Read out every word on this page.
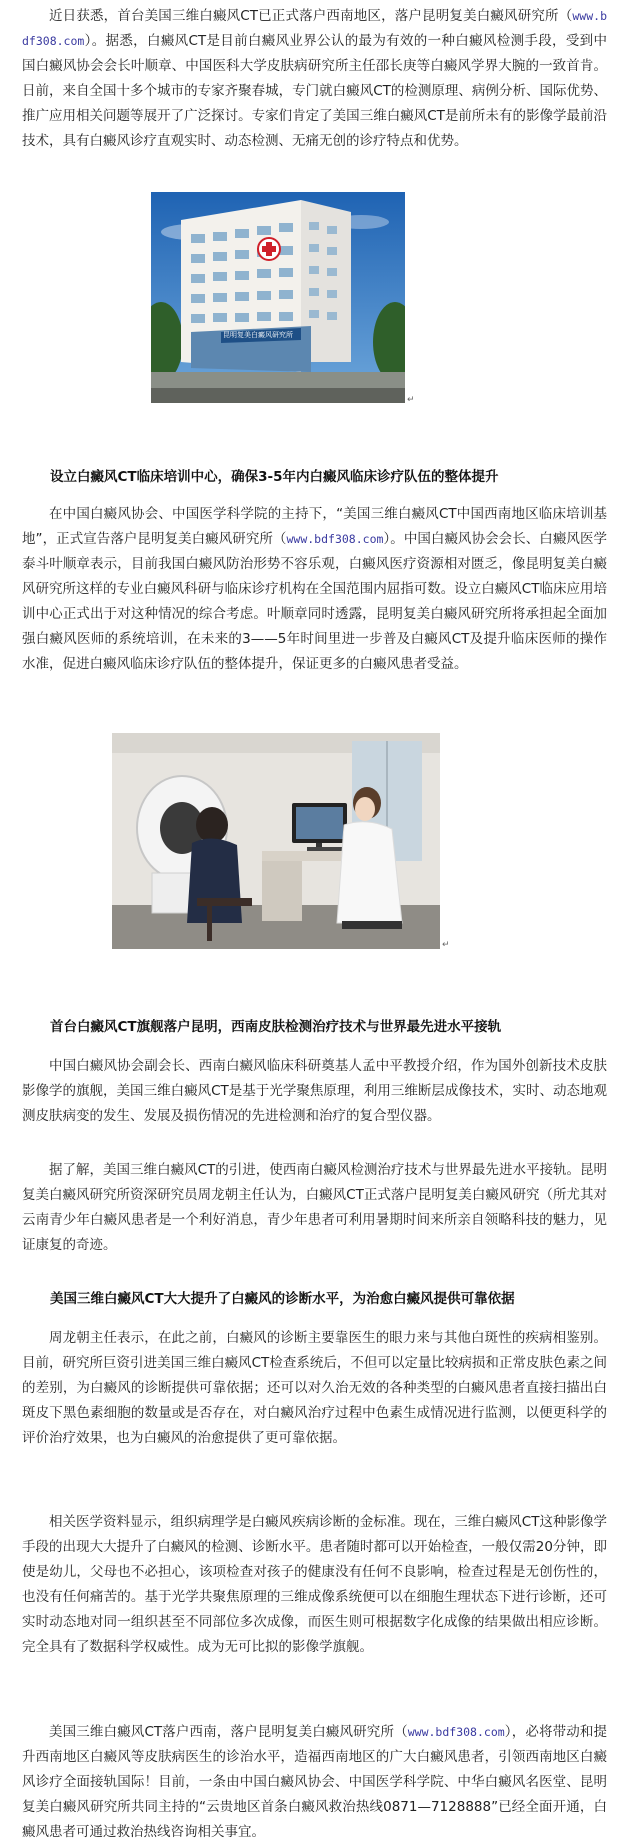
近日获悉，首台美国三维白癜风CT已正式落户西南地区，落户昆明复美白癜风研究所（www.bdf308.com）。据悉，白癜风CT是目前白癜风业界公认的最为有效的一种白癜风检测手段，受到中国白癜风协会会长叶顺章、中国医科大学皮肤病研究所主任邵长庚等白癜风学界大腕的一致首肯。日前，来自全国十多个城市的专家齐聚春城，专门就白癜风CT的检测原理、病例分析、国际优势、推广应用相关问题等展开了广泛探讨。专家们肯定了美国三维白癜风CT是前所未有的影像学最前沿技术，具有白癜风诊疗直观实时、动态检测、无痛无创的诊疗特点和优势。

昆明复美白癜风研究所
↵

设立白癜风CT临床培训中心，确保3-5年内白癜风临床诊疗队伍的整体提升

在中国白癜风协会、中国医学科学院的主持下，“美国三维白癜风CT中国西南地区临床培训基地”，正式宣告落户昆明复美白癜风研究所（www.bdf308.com）。中国白癜风协会会长、白癜风医学泰斗叶顺章表示，目前我国白癜风防治形势不容乐观，白癜风医疗资源相对匮乏，像昆明复美白癜风研究所这样的专业白癜风科研与临床诊疗机构在全国范围内屈指可数。设立白癜风CT临床应用培训中心正式出于对这种情况的综合考虑。叶顺章同时透露，昆明复美白癜风研究所将承担起全面加强白癜风医师的系统培训，在未来的3——5年时间里进一步普及白癜风CT及提升临床医师的操作水准，促进白癜风临床诊疗队伍的整体提升，保证更多的白癜风患者受益。

↵

首台白癜风CT旗舰落户昆明，西南皮肤检测治疗技术与世界最先进水平接轨

中国白癜风协会副会长、西南白癜风临床科研奠基人孟中平教授介绍，作为国外创新技术皮肤影像学的旗舰，美国三维白癜风CT是基于光学聚焦原理，利用三维断层成像技术，实时、动态地观测皮肤病变的发生、发展及损伤情况的先进检测和治疗的复合型仪器。

据了解，美国三维白癜风CT的引进，使西南白癜风检测治疗技术与世界最先进水平接轨。昆明复美白癜风研究所资深研究员周龙朝主任认为，白癜风CT正式落户昆明复美白癜风研究（所尤其对云南青少年白癜风患者是一个利好消息，青少年患者可利用暑期时间来所亲自领略科技的魅力，见证康复的奇迹。

美国三维白癜风CT大大提升了白癜风的诊断水平，为治愈白癜风提供可靠依据

周龙朝主任表示，在此之前，白癜风的诊断主要靠医生的眼力来与其他白斑性的疾病相鉴别。目前，研究所巨资引进美国三维白癜风CT检查系统后，不但可以定量比较病损和正常皮肤色素之间的差别，为白癜风的诊断提供可靠依据；还可以对久治无效的各种类型的白癜风患者直接扫描出白斑皮下黑色素细胞的数量或是否存在，对白癜风治疗过程中色素生成情况进行监测，以便更科学的评价治疗效果，也为白癜风的治愈提供了更可靠依据。

相关医学资料显示，组织病理学是白癜风疾病诊断的金标准。现在，三维白癜风CT这种影像学手段的出现大大提升了白癜风的检测、诊断水平。患者随时都可以开始检查，一般仅需20分钟，即使是幼儿，父母也不必担心，该项检查对孩子的健康没有任何不良影响，检查过程是无创伤性的，也没有任何痛苦的。基于光学共聚焦原理的三维成像系统便可以在细胞生理状态下进行诊断，还可实时动态地对同一组织甚至不同部位多次成像，而医生则可根据数字化成像的结果做出相应诊断。完全具有了数据科学权威性。成为无可比拟的影像学旗舰。

美国三维白癜风CT落户西南，落户昆明复美白癜风研究所（www.bdf308.com），必将带动和提升西南地区白癜风等皮肤病医生的诊治水平，造福西南地区的广大白癜风患者，引领西南地区白癜风诊疗全面接轨国际！目前，一条由中国白癜风协会、中国医学科学院、中华白癜风名医堂、昆明复美白癜风研究所共同主持的“云贵地区首条白癜风救治热线0871—7128888”已经全面开通，白癜风患者可通过救治热线咨询相关事宜。
